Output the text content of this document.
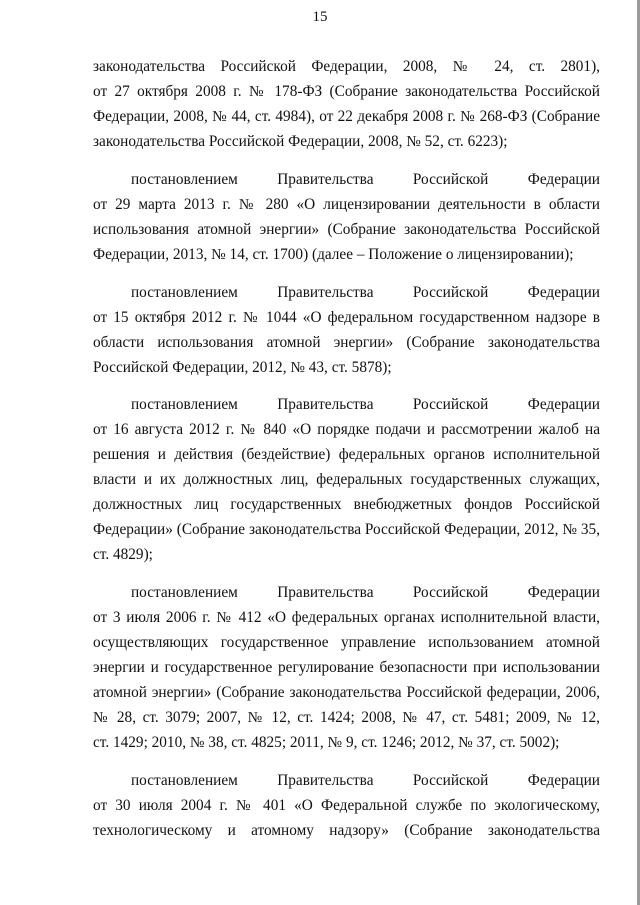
15
законодательства Российской Федерации, 2008, № 24, ст. 2801),
от 27 октября 2008 г. № 178-ФЗ (Собрание законодательства Российской
Федерации, 2008, № 44, ст. 4984), от 22 декабря 2008 г. № 268-ФЗ (Собрание
законодательства Российской Федерации, 2008, № 52, ст. 6223);
постановлением Правительства Российской Федерации
от 29 марта 2013 г. № 280 «О лицензировании деятельности в области
использования атомной энергии» (Собрание законодательства Российской
Федерации, 2013, № 14, ст. 1700) (далее – Положение о лицензировании);
постановлением Правительства Российской Федерации
от 15 октября 2012 г. № 1044 «О федеральном государственном надзоре в
области использования атомной энергии» (Собрание законодательства
Российской Федерации, 2012, № 43, ст. 5878);
постановлением Правительства Российской Федерации
от 16 августа 2012 г. № 840 «О порядке подачи и рассмотрении жалоб на
решения и действия (бездействие) федеральных органов исполнительной
власти и их должностных лиц, федеральных государственных служащих,
должностных лиц государственных внебюджетных фондов Российской
Федерации» (Собрание законодательства Российской Федерации, 2012, № 35,
ст. 4829);
постановлением Правительства Российской Федерации
от 3 июля 2006 г. № 412 «О федеральных органах исполнительной власти,
осуществляющих государственное управление использованием атомной
энергии и государственное регулирование безопасности при использовании
атомной энергии» (Собрание законодательства Российской федерации, 2006,
№ 28, ст. 3079; 2007, № 12, ст. 1424; 2008, № 47, ст. 5481; 2009, № 12,
ст. 1429; 2010, № 38, ст. 4825; 2011, № 9, ст. 1246; 2012, № 37, ст. 5002);
постановлением Правительства Российской Федерации
от 30 июля 2004 г. № 401 «О Федеральной службе по экологическому,
технологическому и атомному надзору» (Собрание законодательства
